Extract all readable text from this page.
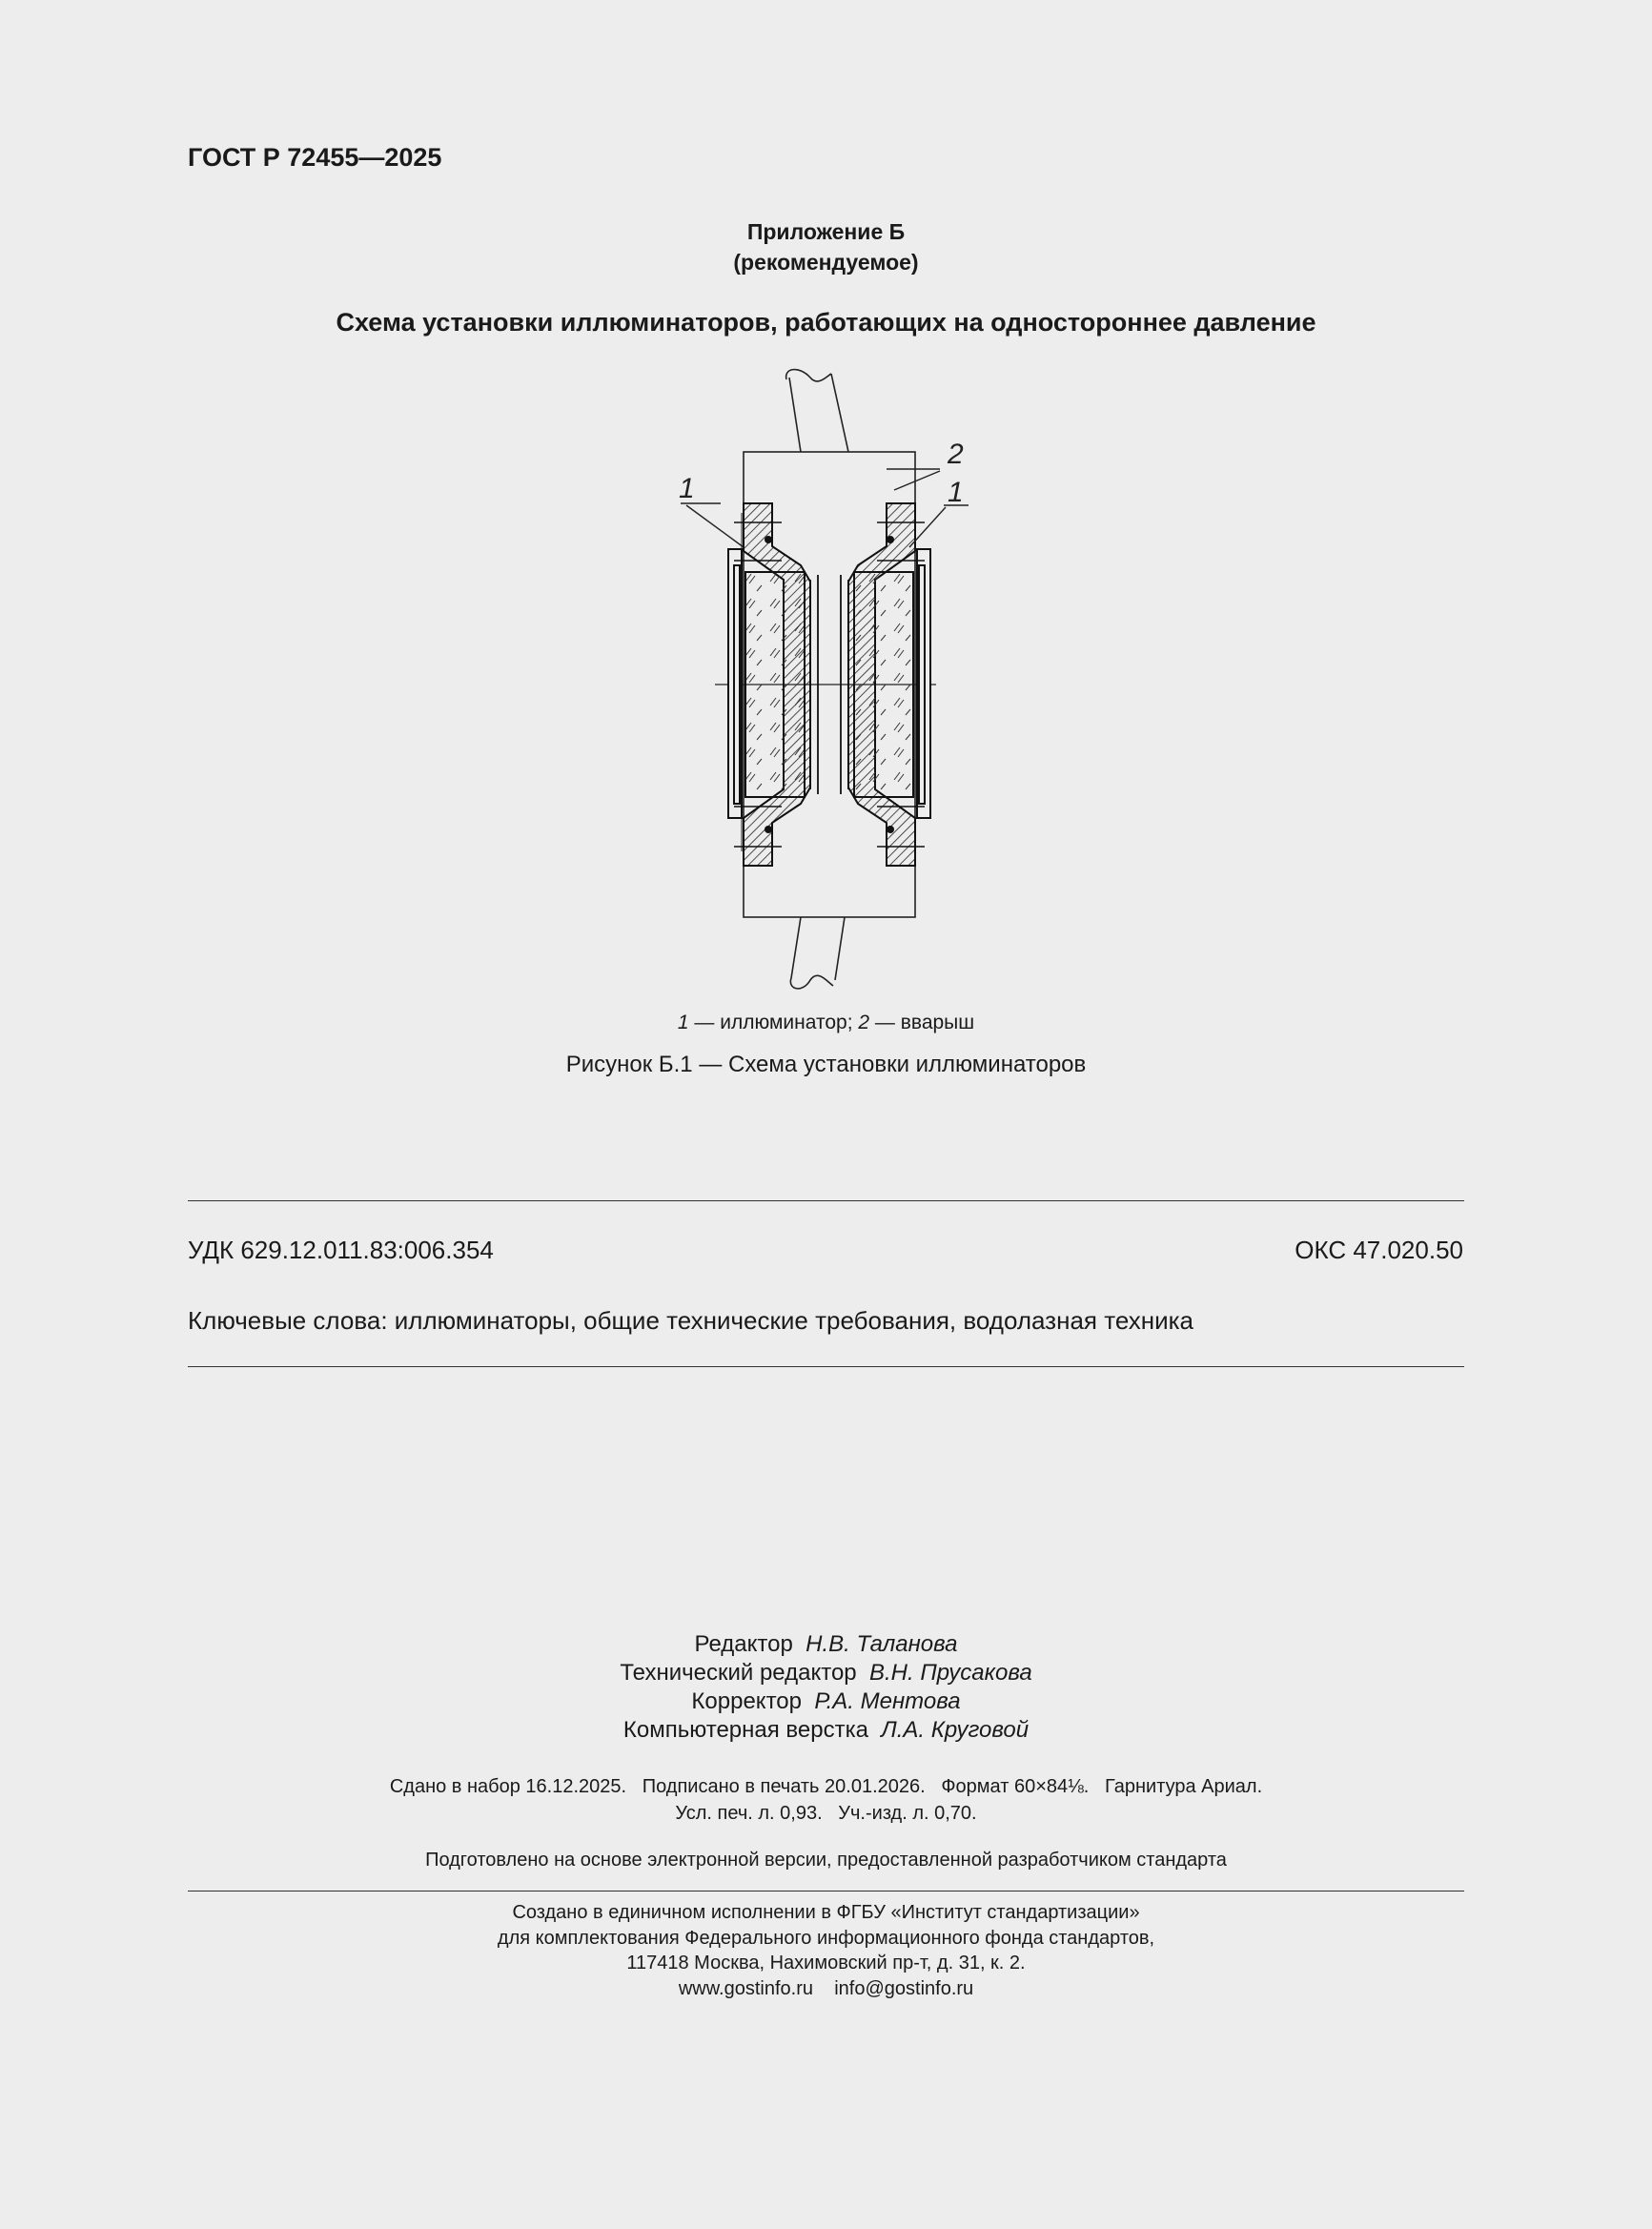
ГОСТ Р 72455—2025
Приложение Б
(рекомендуемое)
Схема установки иллюминаторов, работающих на одностороннее давление
1
2
1
1 — иллюминатор; 2 — вварыш
Рисунок Б.1 — Схема установки иллюминаторов
УДК 629.12.011.83:006.354	ОКС 47.020.50
Ключевые слова: иллюминаторы, общие технические требования, водолазная техника
Редактор Н.В. Таланова
Технический редактор В.Н. Прусакова
Корректор Р.А. Ментова
Компьютерная верстка Л.А. Круговой
Сдано в набор 16.12.2025.   Подписано в печать 20.01.2026.   Формат 60×84⅛.   Гарнитура Ариал.
Усл. печ. л. 0,93.   Уч.-изд. л. 0,70.
Подготовлено на основе электронной версии, предоставленной разработчиком стандарта
Создано в единичном исполнении в ФГБУ «Институт стандартизации»
для комплектования Федерального информационного фонда стандартов,
117418 Москва, Нахимовский пр-т, д. 31, к. 2.
www.gostinfo.ru    info@gostinfo.ru
